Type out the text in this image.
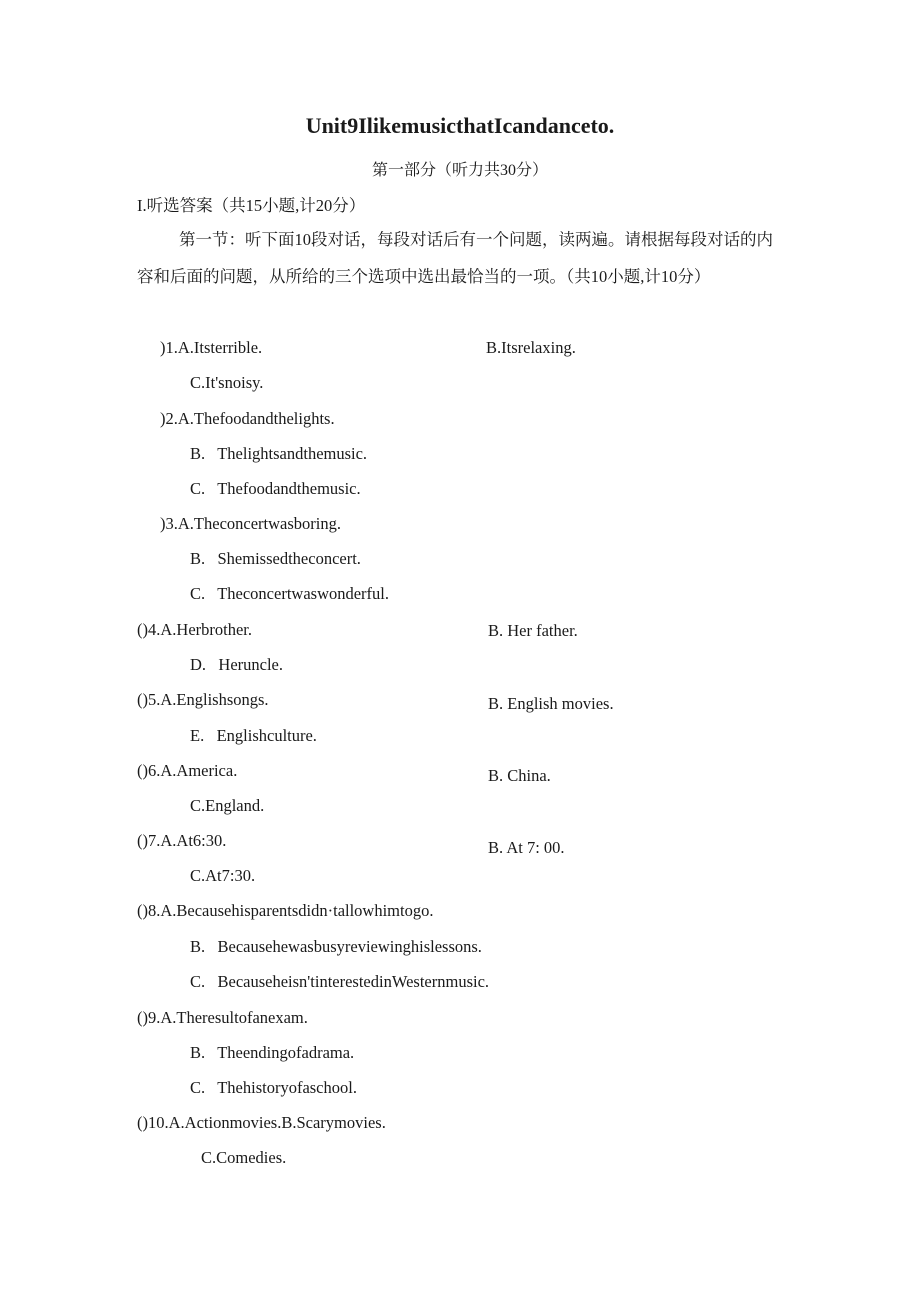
Unit9IlikemusicthatIcandanceto.
第一部分（听力共30分）
I.听选答案（共15小题,计20分）
第一节：听下面10段对话，每段对话后有一个问题，读两遍。请根据每段对话的内容和后面的问题，从所给的三个选项中选出最恰当的一项。（共10小题,计10分）
)1.A.Itsterrible.	B.Itsrelaxing.
C.It'snoisy.
)2.A.Thefoodandthelights.
B.   Thelightsandthemusic.
C.   Thefoodandthemusic.
)3.A.Theconcertwasboring.
B.   Shemissedtheconcert.
C.   Theconcertwaswonderful.
()4.A.Herbrother.	B. Her father.
D.   Heruncle.
()5.A.Englishsongs.	B. English movies.
E.   Englishculture.
()6.A.America.	B. China.
C.England.
()7.A.At6:30.	B. At 7: 00.
C.At7:30.
()8.A.Becausehisparentsdidn·tallowhimtogo.
B.   Becausehewasbusyreviewinghislessons.
C.   Becauseheisn'tinterestedinWesternmusic.
()9.A.Theresultofanexam.
B.   Theendingofadrama.
C.   Thehistoryofaschool.
()10.A.Actionmovies.B.Scarymovies.
C.Comedies.
